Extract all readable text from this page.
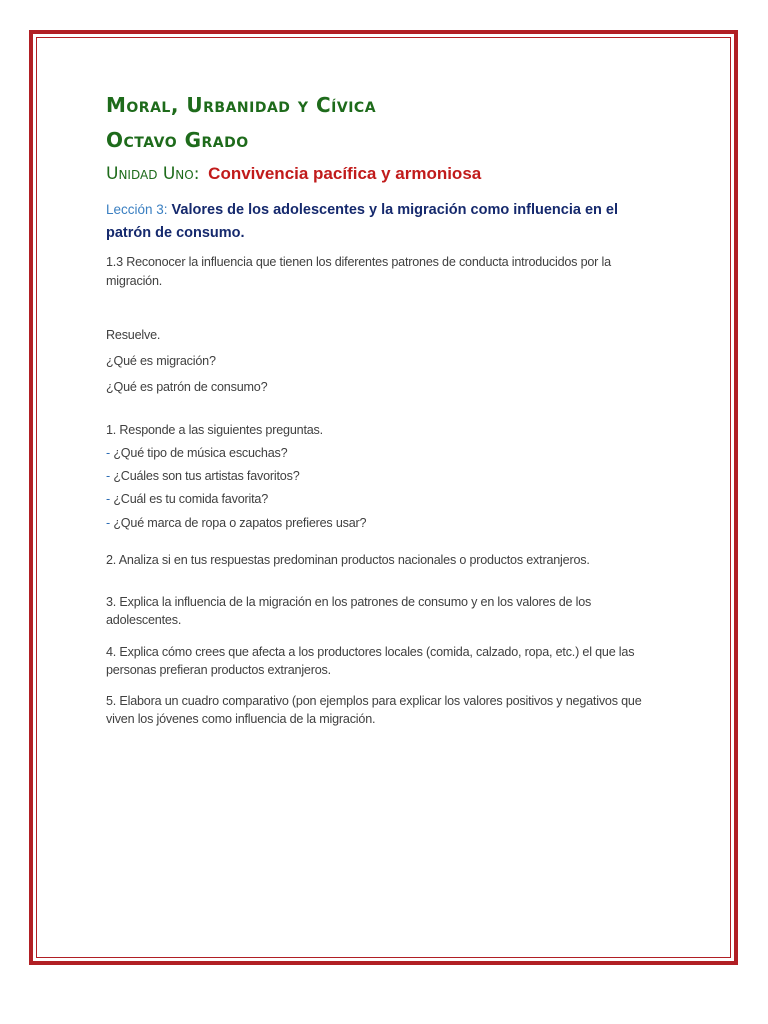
Moral, Urbanidad y Cívica
Octavo Grado
Unidad Uno: Convivencia pacífica y armoniosa
Lección 3: Valores de los adolescentes y la migración como influencia en el patrón de consumo.

1.3 Reconocer la influencia que tienen los diferentes patrones de conducta introducidos por la migración.

Resuelve.

¿Qué es migración?

¿Qué es patrón de consumo?

1. Responde a las siguientes preguntas.

- ¿Qué tipo de música escuchas?

- ¿Cuáles son tus artistas favoritos?

- ¿Cuál es tu comida favorita?

- ¿Qué marca de ropa o zapatos prefieres usar?

2. Analiza si en tus respuestas predominan productos nacionales o productos extranjeros.

3. Explica la influencia de la migración en los patrones de consumo y en los valores de los adolescentes.

4. Explica cómo crees que afecta a los productores locales (comida, calzado, ropa, etc.) el que las personas prefieran productos extranjeros.

5. Elabora un cuadro comparativo (pon ejemplos para explicar los valores positivos y negativos que viven los jóvenes como influencia de la migración.
